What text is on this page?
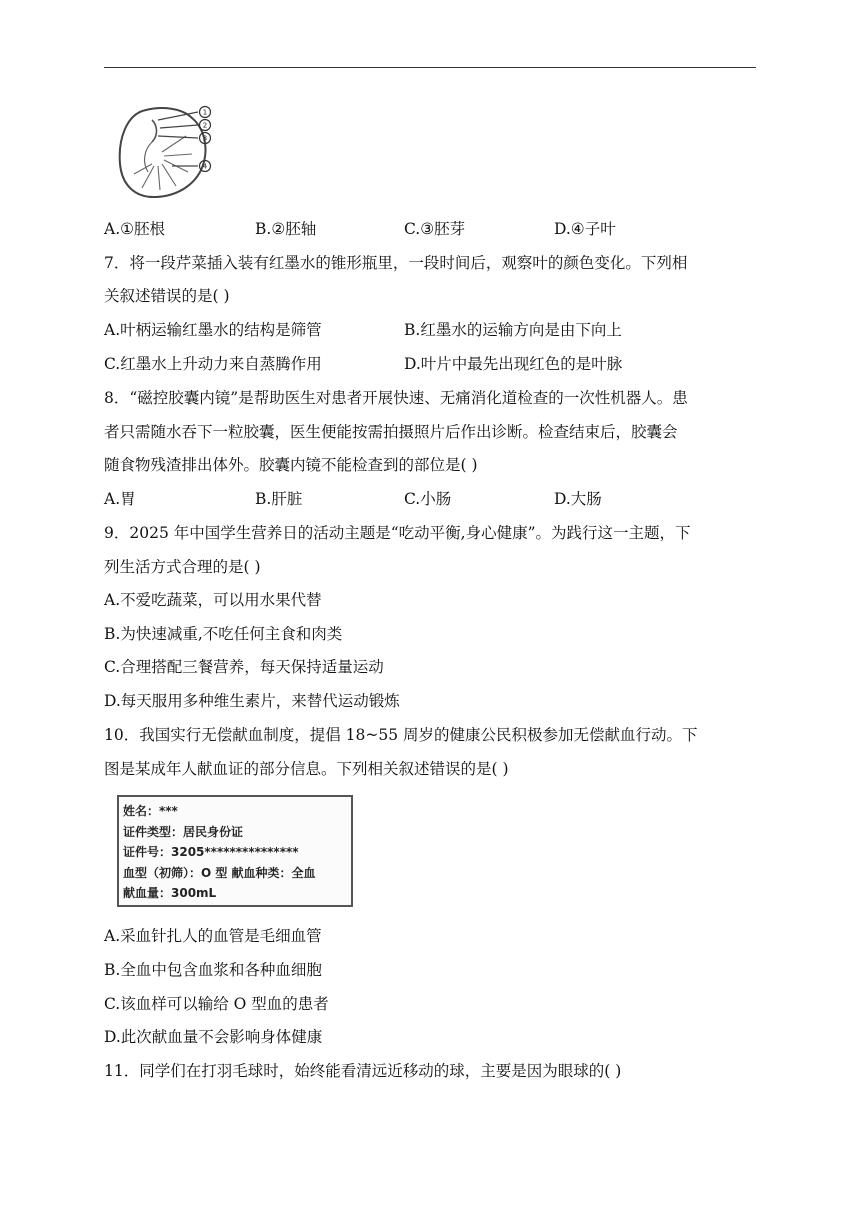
1
2
3
4
A.①胚根	B.②胚轴	C.③胚芽	D.④子叶
7．将一段芹菜插入装有红墨水的锥形瓶里，一段时间后，观察叶的颜色变化。下列相
关叙述错误的是( )
A.叶柄运输红墨水的结构是筛管	B.红墨水的运输方向是由下向上
C.红墨水上升动力来自蒸腾作用	D.叶片中最先出现红色的是叶脉
8．“磁控胶囊内镜”是帮助医生对患者开展快速、无痛消化道检查的一次性机器人。患
者只需随水吞下一粒胶囊，医生便能按需拍摄照片后作出诊断。检查结束后，胶囊会
随食物残渣排出体外。胶囊内镜不能检查到的部位是( )
A.胃	B.肝脏	C.小肠	D.大肠
9．2025 年中国学生营养日的活动主题是“吃动平衡,身心健康”。为践行这一主题，下
列生活方式合理的是( )
A.不爱吃蔬菜，可以用水果代替
B.为快速减重,不吃任何主食和肉类
C.合理搭配三餐营养，每天保持适量运动
D.每天服用多种维生素片，来替代运动锻炼
10．我国实行无偿献血制度，提倡 18~55 周岁的健康公民积极参加无偿献血行动。下
图是某成年人献血证的部分信息。下列相关叙述错误的是( )
姓名：***
证件类型：居民身份证
证件号：3205***************
血型（初筛）：O 型 献血种类：全血
献血量：300mL
A.采血针扎人的血管是毛细血管
B.全血中包含血浆和各种血细胞
C.该血样可以输给 O 型血的患者
D.此次献血量不会影响身体健康
11．同学们在打羽毛球时，始终能看清远近移动的球，主要是因为眼球的( )
